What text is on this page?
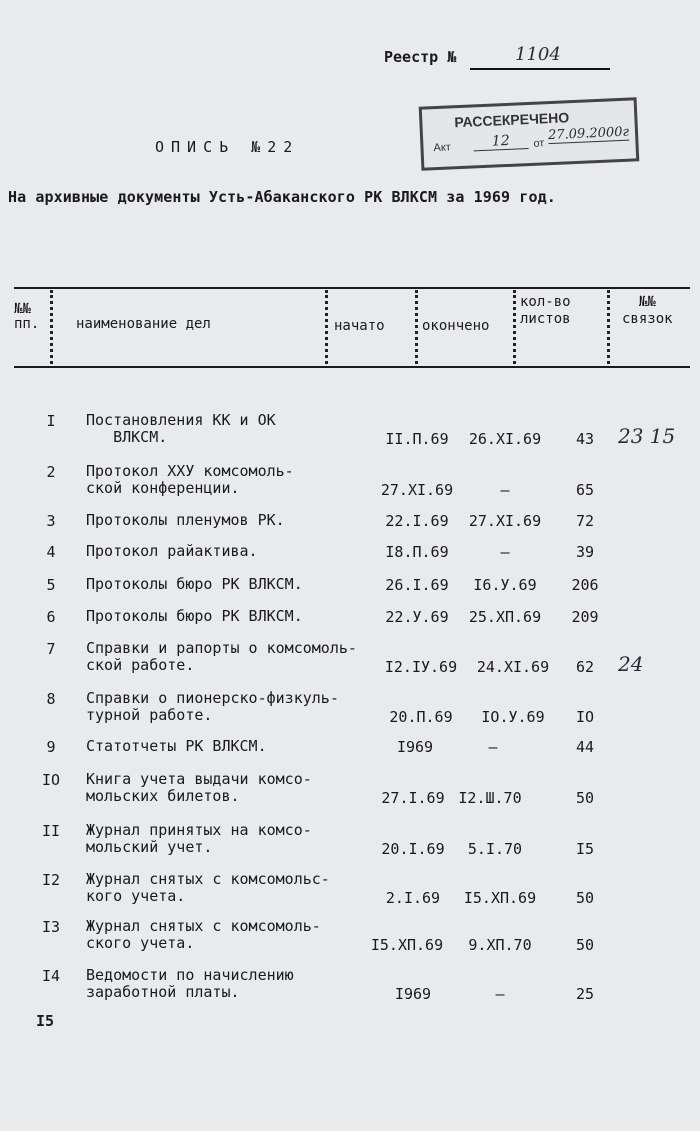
Реестр №	1104
РАССЕКРЕЧЕНО
Акт	12	от
27.09.2000г
ОПИСЬ №22
На архивные документы Усть-Абаканского РК ВЛКСМ за 1969 год.
№№
пп.	наименование дел	начато	окончено
кол-во
листов
№№
связок
I	Постановления КК и ОК
ВЛКСМ.	II.П.69	26.XI.69	43	23 15
2	Протокол ХХУ комсомоль-
ской конференции.	27.XI.69	–	65
3	Протоколы пленумов РК.	22.I.69	27.XI.69	72
4	Протокол райактива.	I8.П.69	–	39
5	Протоколы бюро РК ВЛКСМ.	26.I.69	I6.У.69	206
6	Протоколы бюро РК ВЛКСМ.	22.У.69	25.XП.69	209
7	Справки и рапорты о комсомоль-
ской работе.	I2.IУ.69	24.XI.69	62	24
8	Справки о пионерско-физкуль-
турной работе.	20.П.69	IO.У.69	IO
9	Статотчеты РК ВЛКСМ.	I969	–	44
IO	Книга учета выдачи комсо-
мольских билетов.	27.I.69 I2.Ш.70	50
II	Журнал принятых на комсо-
мольский учет.	20.I.69	5.I.70	I5
I2	Журнал снятых с комсомольс-
кого учета.	2.I.69	I5.XП.69	50
I3	Журнал снятых с комсомоль-
ского учета.	I5.XП.69	9.XП.70	50
I4	Ведомости по начислению
заработной платы.	I969	–	25
I5
